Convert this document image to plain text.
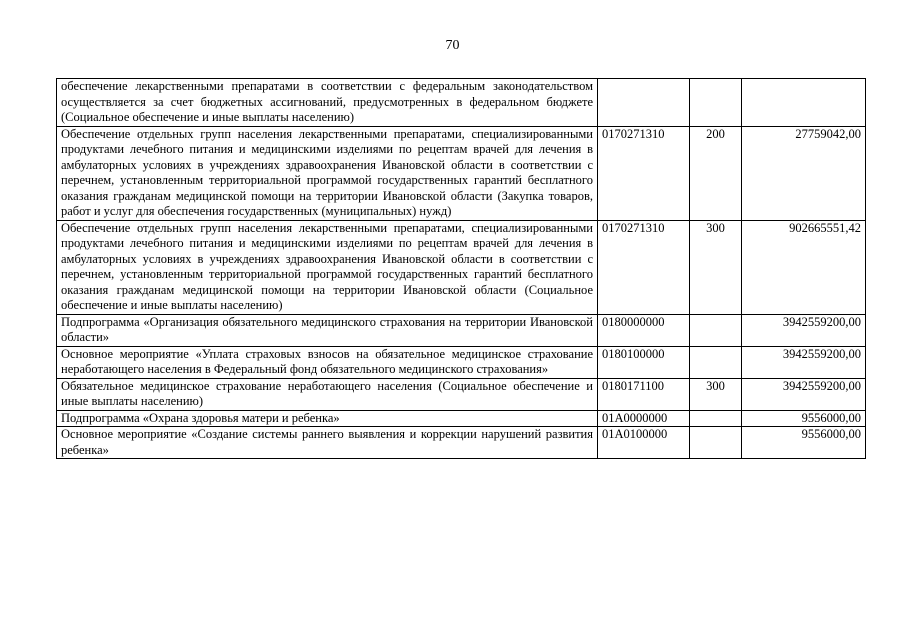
70
обеспечение лекарственными препаратами в соответствии с федеральным законодательством осуществляется за счет бюджетных ассигнований, предусмотренных в федеральном бюджете (Социальное обеспечение и иные выплаты населению)			
Обеспечение отдельных групп населения лекарственными препаратами, специализированными продуктами лечебного питания и медицинскими изделиями по рецептам врачей для лечения в амбулаторных условиях в учреждениях здравоохранения Ивановской области в соответствии с перечнем, установленным территориальной программой государственных гарантий бесплатного оказания гражданам медицинской помощи на территории Ивановской области (Закупка товаров, работ и услуг для обеспечения государственных (муниципальных) нужд)	0170271310	200	27759042,00
Обеспечение отдельных групп населения лекарственными препаратами, специализированными продуктами лечебного питания и медицинскими изделиями по рецептам врачей для лечения в амбулаторных условиях в учреждениях здравоохранения Ивановской области в соответствии с перечнем, установленным территориальной программой государственных гарантий бесплатного оказания гражданам медицинской помощи на территории Ивановской области (Социальное обеспечение и иные выплаты населению)	0170271310	300	902665551,42
Подпрограмма «Организация обязательного медицинского страхования на территории Ивановской области»	0180000000		3942559200,00
Основное мероприятие «Уплата страховых взносов на обязательное медицинское страхование неработающего населения в Федеральный фонд обязательного медицинского страхования»	0180100000		3942559200,00
Обязательное медицинское страхование неработающего населения (Социальное обеспечение и иные выплаты населению)	0180171100	300	3942559200,00
Подпрограмма «Охрана здоровья матери и ребенка»	01А0000000		9556000,00
Основное мероприятие «Создание системы раннего выявления и коррекции нарушений развития ребенка»	01А0100000		9556000,00
